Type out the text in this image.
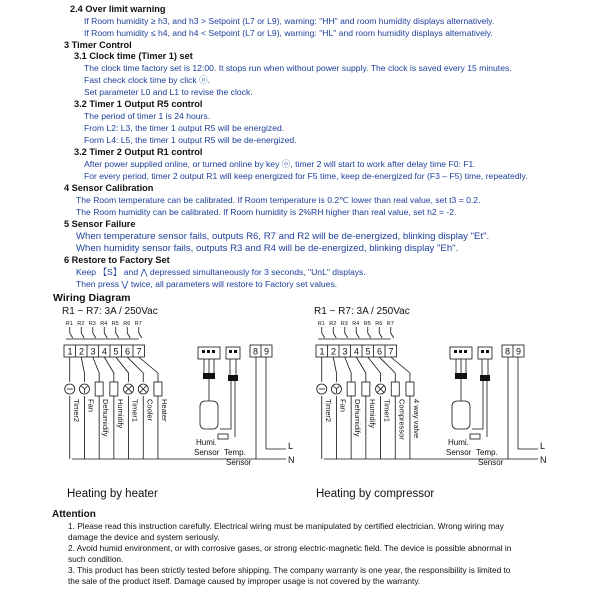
2.4 Over limit warning
If Room humidity ≥ h3, and h3 > Setpoint (L7 or L9), warning: "HH" and room humidity displays alternatively.
If Room humidity ≤ h4, and h4 < Setpoint (L7 or L9), warning: "HL" and room humidity displays alternatively.
3 Timer Control
3.1 Clock time (Timer 1) set
The clock time factory set is 12:00. It stops run when without power supply. The clock is saved every 15 minutes.
Fast check clock time by click ⓞ.
Set parameter L0 and L1 to revise the clock.
3.2 Timer 1 Output R5 control
The period of timer 1 is 24 hours.
From L2: L3, the timer 1 output R5 will be energized.
Form L4: L5, the timer 1 output R5 will be de-energized.
3.2 Timer 2 Output R1 control
After power supplied online, or turned online by key ⓞ, timer 2 will start to work after delay time F0: F1.
For every period, timer 2 output R1 will keep energized for F5 time, keep de-energized for (F3 – F5) time, repeatedly.
4 Sensor Calibration
The Room temperature can be calibrated. If Room temperature is 0.2℃ lower than real value, set t3 = 0.2.
The Room humidity can be calibrated. If Room humidity is 2%RH higher than real value, set h2 = -2.
5 Sensor Failure
When temperature sensor fails, outputs R6, R7 and R2 will be de-energized, blinking display "Et".
When humidity sensor fails, outputs R3 and R4 will be de-energized, blinking display "Eh".
6 Restore to Factory Set
Keep 【S】 and ⋀ depressed simultaneously for 3 seconds, "UnL" displays.
Then press ⋁ twice, all parameters will restore to Factory set values.
Wiring Diagram
R1 ~ R7: 3A / 250Vac
R1 R2 R3 R4 R5 R6 R7
1 2 3 4 5 6 7	8 9
Timer2 Fan Dehumidify Humidify Timer1 Cooler Heater
N
L
Humi.
Sensor Temp.
Sensor
R1 ~ R7: 3A / 250Vac
R1 R2 R3 R4 R5 R6 R7
1 2 3 4 5 6 7	8 9
Timer2 Fan Dehumidify Humidify Timer1 Compressor 4 way valve
N
L
Humi.
Sensor Temp.
Sensor
Heating by heater	Heating by compressor
Attention
1. Please read this instruction carefully. Electrical wiring must be manipulated by certified electrician. Wrong wiring may
damage the device and system seriously.
2. Avoid humid environment, or with corrosive gases, or strong electric-magnetic field. The device is possible abnormal in
such condition.
3. This product has been strictly tested before shipping. The company warranty is one year, the responsibility is limited to
the sale of the product itself. Damage caused by improper usage is not covered by the warranty.
